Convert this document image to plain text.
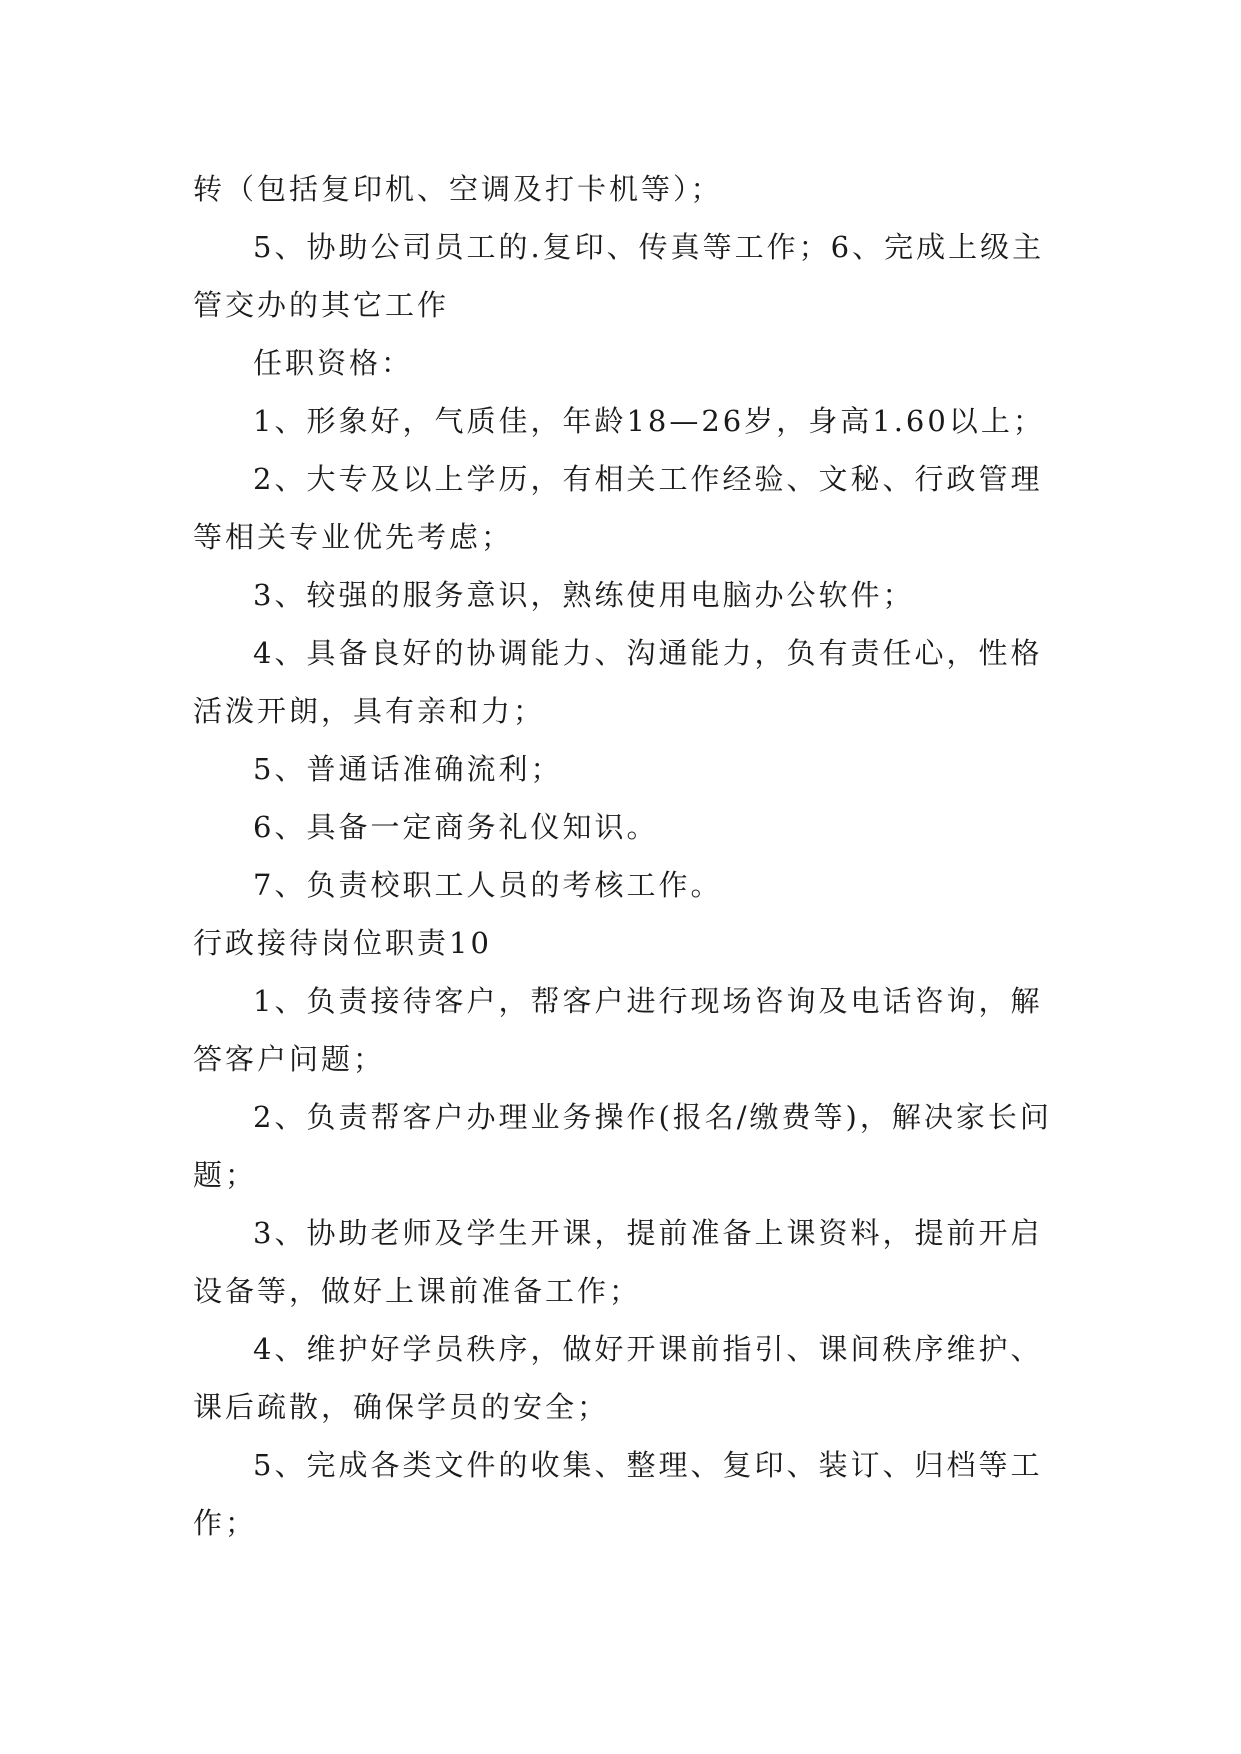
转（包括复印机、空调及打卡机等）；

5、协助公司员工的.复印、传真等工作；6、完成上级主管交办的其它工作

任职资格：

1、形象好，气质佳，年龄18—26岁，身高1.60以上；

2、大专及以上学历，有相关工作经验、文秘、行政管理等相关专业优先考虑；

3、较强的服务意识，熟练使用电脑办公软件；

4、具备良好的协调能力、沟通能力，负有责任心，性格活泼开朗，具有亲和力；

5、普通话准确流利；

6、具备一定商务礼仪知识。

7、负责校职工人员的考核工作。

行政接待岗位职责10

1、负责接待客户，帮客户进行现场咨询及电话咨询，解答客户问题；

2、负责帮客户办理业务操作(报名/缴费等)，解决家长问题；

3、协助老师及学生开课，提前准备上课资料，提前开启设备等，做好上课前准备工作；

4、维护好学员秩序，做好开课前指引、课间秩序维护、课后疏散，确保学员的安全；

5、完成各类文件的收集、整理、复印、装订、归档等工作；
